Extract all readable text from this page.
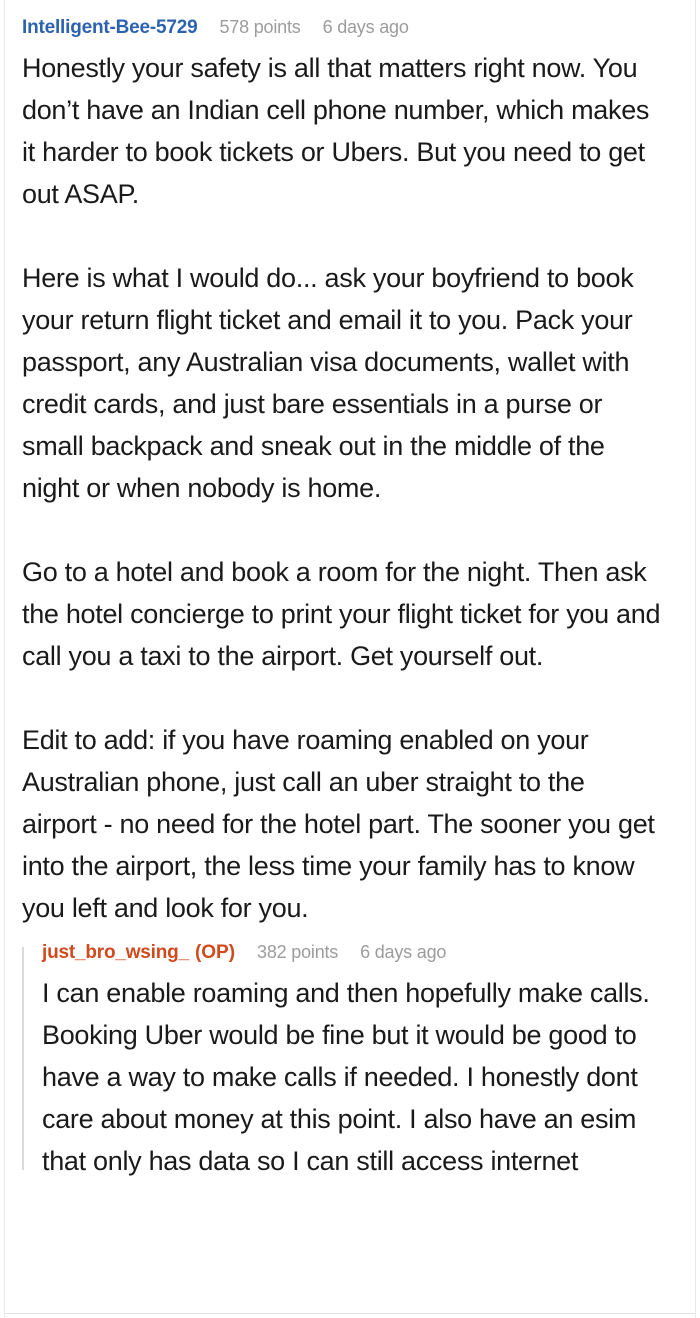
Intelligent-Bee-5729 578 points 6 days ago

Honestly your safety is all that matters right now. You don’t have an Indian cell phone number, which makes it harder to book tickets or Ubers. But you need to get out ASAP.

Here is what I would do... ask your boyfriend to book your return flight ticket and email it to you. Pack your passport, any Australian visa documents, wallet with credit cards, and just bare essentials in a purse or small backpack and sneak out in the middle of the night or when nobody is home.

Go to a hotel and book a room for the night. Then ask the hotel concierge to print your flight ticket for you and call you a taxi to the airport. Get yourself out.

Edit to add: if you have roaming enabled on your Australian phone, just call an uber straight to the airport - no need for the hotel part. The sooner you get into the airport, the less time your family has to know you left and look for you.

just_bro_wsing_ (OP) 382 points 6 days ago

I can enable roaming and then hopefully make calls. Booking Uber would be fine but it would be good to have a way to make calls if needed. I honestly dont care about money at this point. I also have an esim that only has data so I can still access internet
